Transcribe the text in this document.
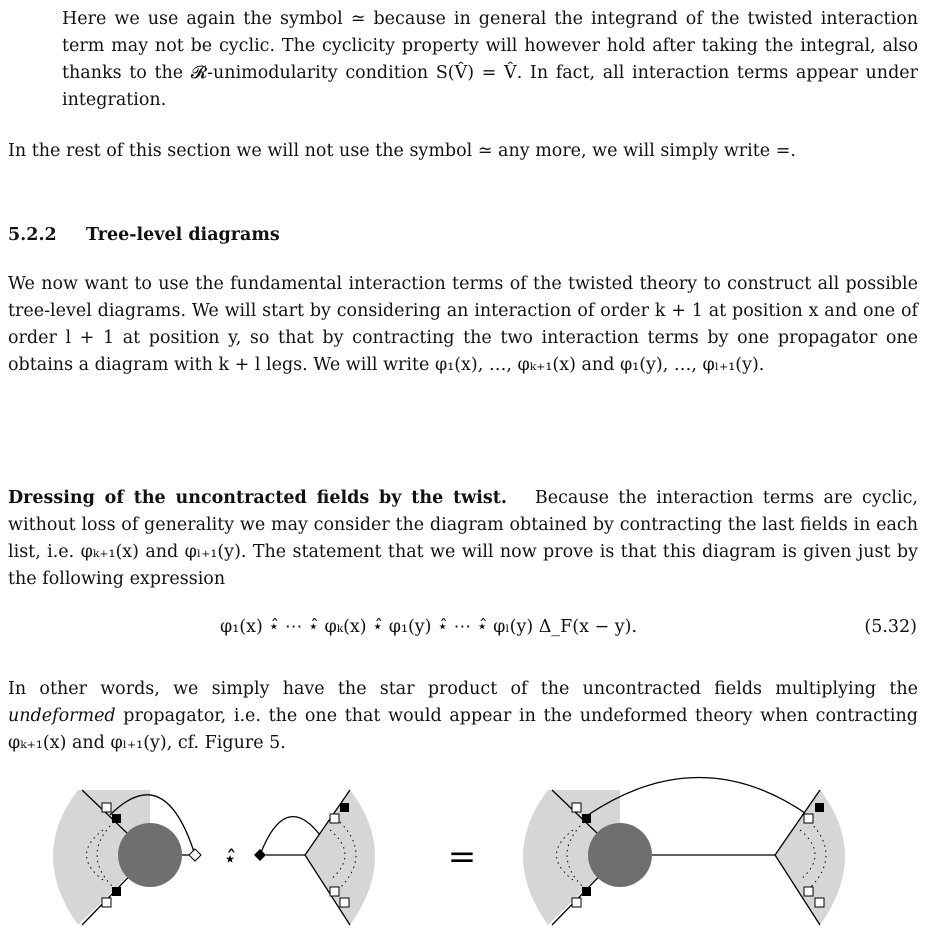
Here we use again the symbol ≃ because in general the integrand of the twisted interaction term may not be cyclic. The cyclicity property will however hold after taking the integral, also thanks to the 𝓡-unimodularity condition S(V̂) = V̂. In fact, all interaction terms appear under integration.

In the rest of this section we will not use the symbol ≃ any more, we will simply write =.

5.2.2 Tree-level diagrams

We now want to use the fundamental interaction terms of the twisted theory to construct all possible tree-level diagrams. We will start by considering an interaction of order k + 1 at position x and one of order l + 1 at position y, so that by contracting the two interaction terms by one propagator one obtains a diagram with k + l legs. We will write φ₁(x), …, φₖ₊₁(x) and φ₁(y), …, φₗ₊₁(y).

Dressing of the uncontracted fields by the twist. Because the interaction terms are cyclic, without loss of generality we may consider the diagram obtained by contracting the last fields in each list, i.e. φₖ₊₁(x) and φₗ₊₁(y). The statement that we will now prove is that this diagram is given just by the following expression

φ₁(x) ⋆̂ ⋯ ⋆̂ φₖ(x) ⋆̂ φ₁(y) ⋆̂ ⋯ ⋆̂ φₗ(y) Δ_F(x − y).	(5.32)

In other words, we simply have the star product of the uncontracted fields multiplying the undeformed propagator, i.e. the one that would appear in the undeformed theory when contracting φₖ₊₁(x) and φₗ₊₁(y), cf. Figure 5.

⋆̂	=
